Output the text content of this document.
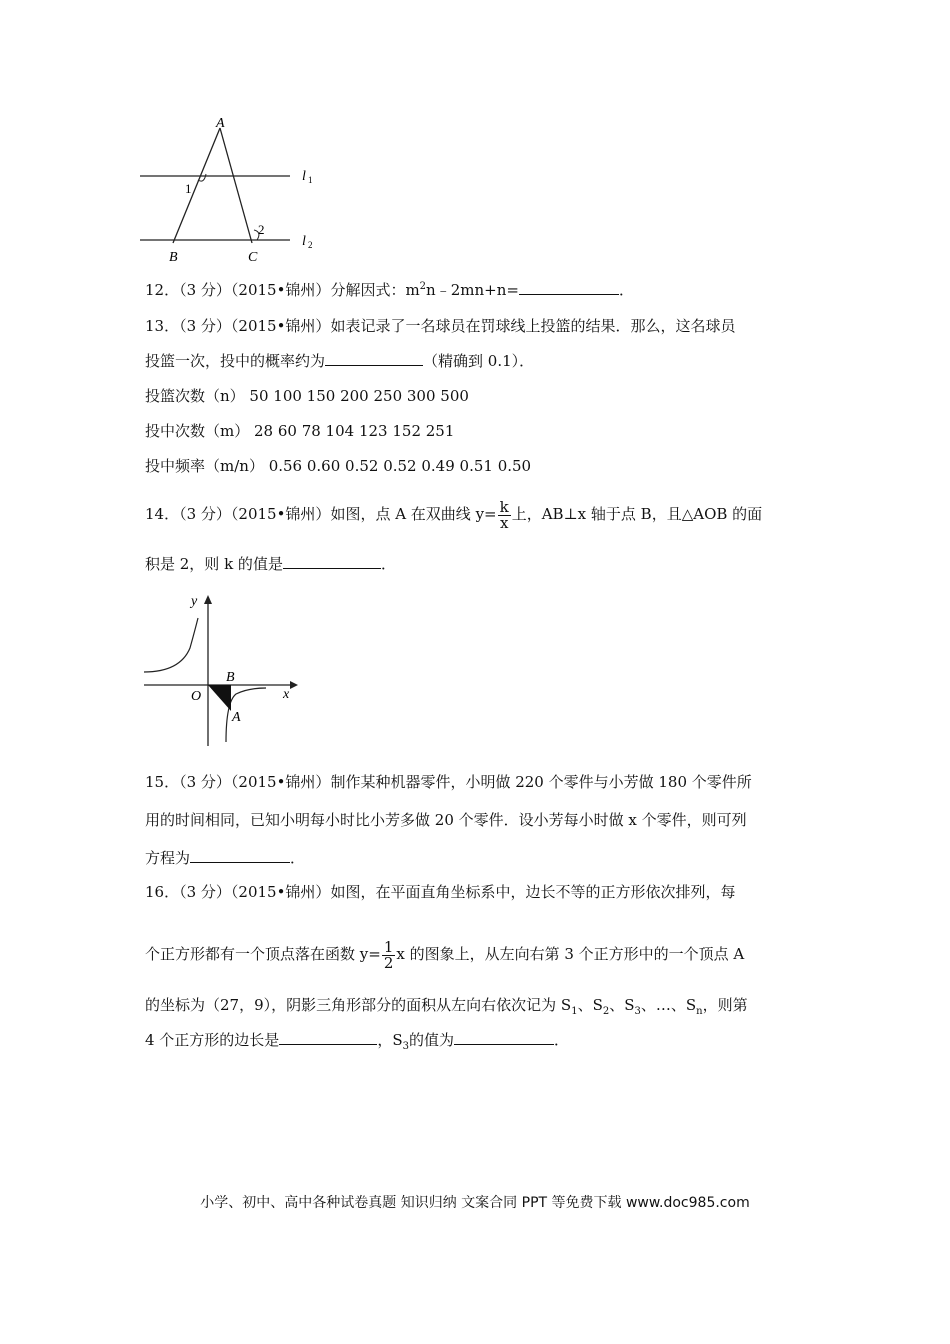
A
B	C
1
2
l 1
l 2
12．（3 分）（2015•锦州）分解因式：$m^2n﹣2mn+n=$	．
13．（3 分）（2015•锦州）如表记录了一名球员在罚球线上投篮的结果．那么，这名球员
投篮一次，投中的概率约为	（精确到 0.1）．
投篮次数（n） 50 100 150 200 250 300 500
投中次数（m） 28 60 78 104 123 152 251
投中频率（m/n） 0.56 0.60 0.52 0.52 0.49 0.51 0.50
14．（3 分）（2015•锦州）如图，点 A 在双曲线 $y= \frac{k}{x}$ 上，AB⊥x 轴于点 B，且△AOB 的面
积是 2，则 k 的值是	．
y
x
O
B
A
15．（3 分）（2015•锦州）制作某种机器零件，小明做 220 个零件与小芳做 180 个零件所
用的时间相同，已知小明每小时比小芳多做 20 个零件．设小芳每小时做 x 个零件，则可列
方程为	．
16．（3 分）（2015•锦州）如图，在平面直角坐标系中，边长不等的正方形依次排列，每
个正方形都有一个顶点落在函数 $y= \frac{1}{2}$ x 的图象上，从左向右第 3 个正方形中的一个顶点 A
的坐标为（27，9），阴影三角形部分的面积从左向右依次记为 $S_1$、$S_2$、$S_3$、…、$S_n$，则第
4 个正方形的边长是	，$S_3$的值为	．
小学、初中、高中各种试卷真题 知识归纳 文案合同 PPT 等免费下载 www.doc985.com
